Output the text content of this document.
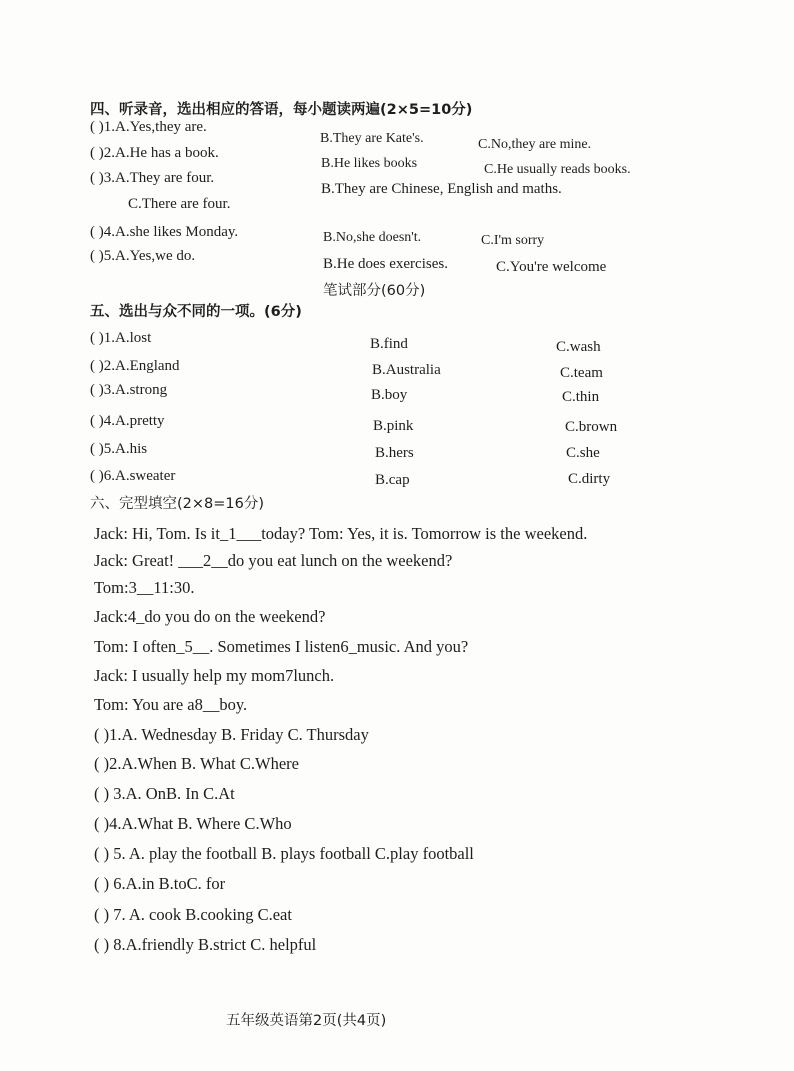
四、听录音，选出相应的答语，每小题读两遍(2×5=10分)
( )1.A.Yes,they are.
B.They are Kate's.	C.No,they are mine.
( )2.A.He has a book.
B.He likes books	C.He usually reads books.
( )3.A.They are four.
B.They are Chinese, English and maths.
C.There are four.
( )4.A.she likes Monday.	B.No,she doesn't.	C.I'm sorry
( )5.A.Yes,we do.	B.He does exercises.	C.You're welcome
笔试部分(60分)
五、选出与众不同的一项。(6分)
( )1.A.lost	B.find	C.wash
( )2.A.England	B.Australia	C.team
( )3.A.strong	B.boy	C.thin
( )4.A.pretty	B.pink	C.brown
( )5.A.his	B.hers	C.she
( )6.A.sweater	B.cap	C.dirty
六、完型填空(2×8=16分)
Jack: Hi, Tom. Is it_1___today? Tom: Yes, it is. Tomorrow is the weekend.
Jack: Great! ___2__do you eat lunch on the weekend?
Tom:3__11:30.
Jack:4_do you do on the weekend?
Tom: I often_5__. Sometimes I listen6_music. And you?
Jack: I usually help my mom7lunch.
Tom: You are a8__boy.
( )1.A. Wednesday B. Friday C. Thursday
( )2.A.When B. What C.Where
( ) 3.A. OnB. In C.At
( )4.A.What B. Where C.Who
( ) 5. A. play the football B. plays football C.play football
( ) 6.A.in B.toC. for
( ) 7. A. cook B.cooking C.eat
( ) 8.A.friendly B.strict C. helpful
五年级英语第2页(共4页)
